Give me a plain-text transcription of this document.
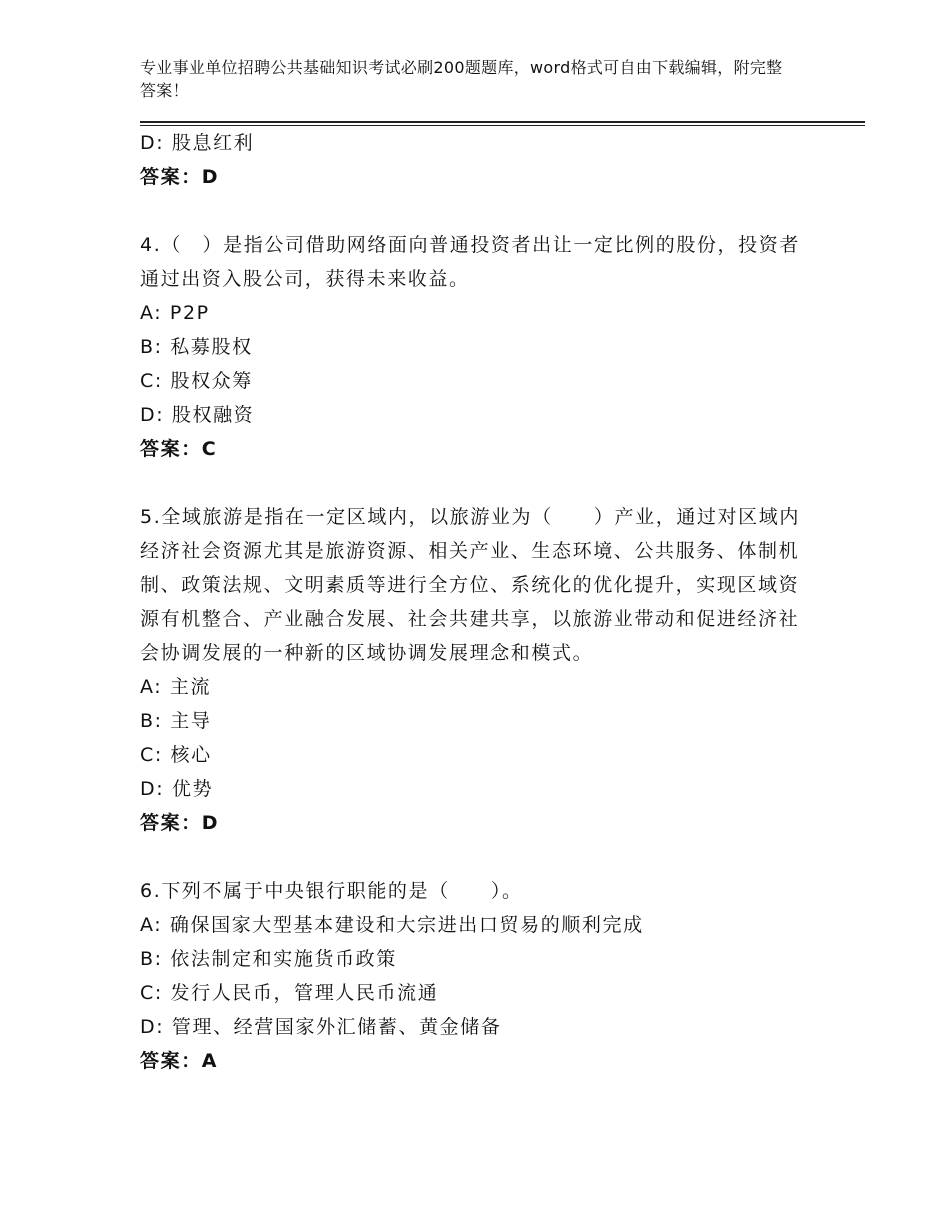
专业事业单位招聘公共基础知识考试必刷200题题库，word格式可自由下载编辑，附完整答案！
D: 股息红利
答案：D
4.（　）是指公司借助网络面向普通投资者出让一定比例的股份，投资者通过出资入股公司，获得未来收益。
A: P2P
B: 私募股权
C: 股权众筹
D: 股权融资
答案：C
5.全域旅游是指在一定区域内，以旅游业为（　　）产业，通过对区域内经济社会资源尤其是旅游资源、相关产业、生态环境、公共服务、体制机制、政策法规、文明素质等进行全方位、系统化的优化提升，实现区域资源有机整合、产业融合发展、社会共建共享，以旅游业带动和促进经济社会协调发展的一种新的区域协调发展理念和模式。
A: 主流
B: 主导
C: 核心
D: 优势
答案：D
6.下列不属于中央银行职能的是（　　）。
A: 确保国家大型基本建设和大宗进出口贸易的顺利完成
B: 依法制定和实施货币政策
C: 发行人民币，管理人民币流通
D: 管理、经营国家外汇储蓄、黄金储备
答案：A
